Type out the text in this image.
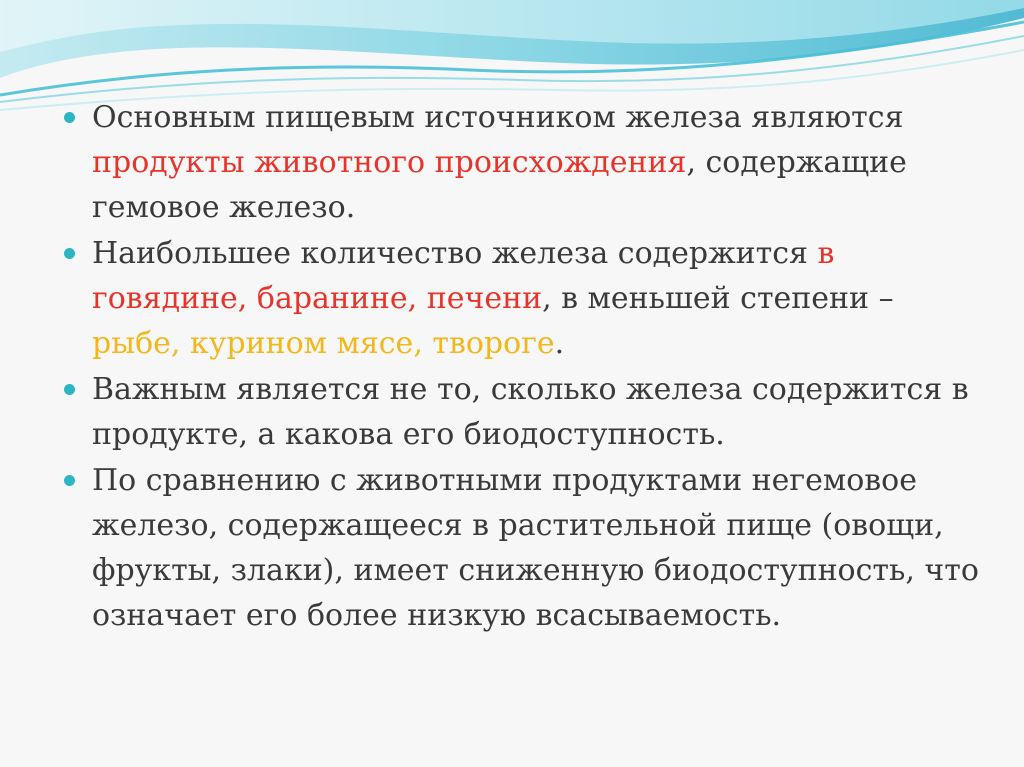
Основным пищевым источником железа являются продукты животного происхождения, содержащие гемовое железо.
Наибольшее количество железа содержится в говядине, баранине, печени, в меньшей степени – рыбе, курином мясе, твороге.
Важным является не то, сколько железа содержится в продукте, а какова его биодоступность.
По сравнению с животными продуктами негемовое железо, содержащееся в растительной пище (овощи, фрукты, злаки), имеет сниженную биодоступность, что означает его более низкую всасываемость.
